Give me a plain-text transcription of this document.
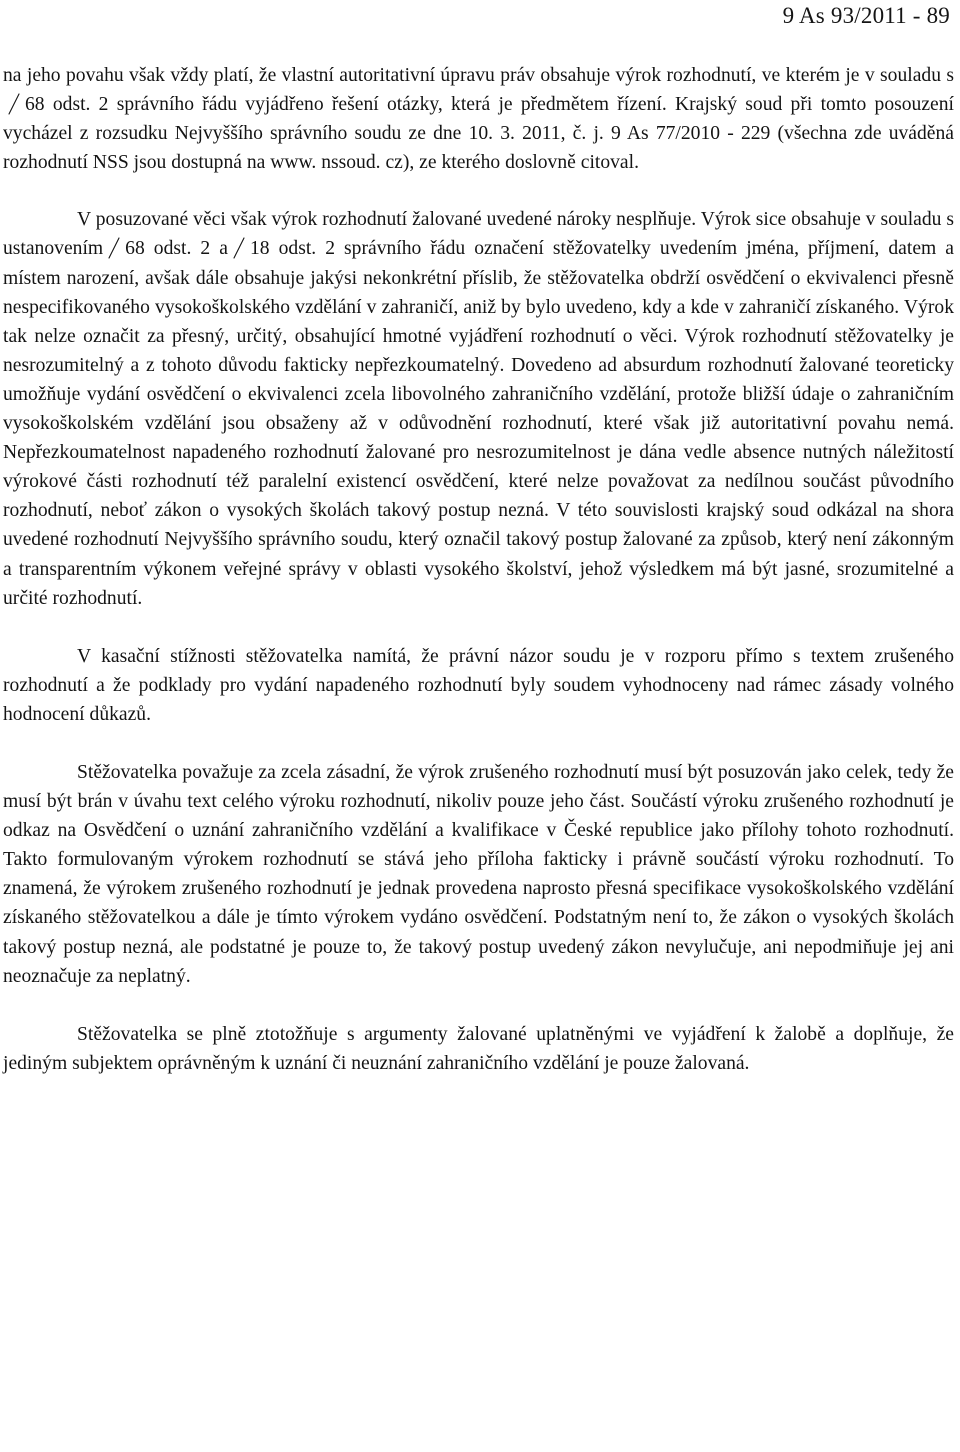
9 As 93/2011 - 89

na jeho povahu však vždy platí, že vlastní autoritativní úpravu práv obsahuje výrok rozhodnutí, ve kterém je v souladu s
68 odst. 2 správního řádu vyjádřeno řešení otázky, která je předmětem řízení. Krajský soud při tomto posouzení vycházel z rozsudku Nejvyššího správního soudu ze dne 10. 3. 2011, č. j. 9 As 77/2010 - 229 (všechna zde uváděná rozhodnutí NSS jsou dostupná na www. nssoud. cz), ze kterého doslovně citoval.

V posuzované věci však výrok rozhodnutí žalované uvedené nároky nesplňuje. Výrok sice obsahuje v souladu s ustanovením 68 odst. 2 a 18 odst. 2 správního řádu označení stěžovatelky uvedením jména, příjmení, datem a místem narození, avšak dále obsahuje jakýsi nekonkrétní příslib, že stěžovatelka obdrží osvědčení o ekvivalenci přesně nespecifikovaného vysokoškolského vzdělání v zahraničí, aniž by bylo uvedeno, kdy a kde v zahraničí získaného. Výrok tak nelze označit za přesný, určitý, obsahující hmotné vyjádření rozhodnutí o věci. Výrok rozhodnutí stěžovatelky je nesrozumitelný a z tohoto důvodu fakticky nepřezkoumatelný. Dovedeno ad absurdum rozhodnutí žalované teoreticky umožňuje vydání osvědčení o ekvivalenci zcela libovolného zahraničního vzdělání, protože bližší údaje o zahraničním vysokoškolském vzdělání jsou obsaženy až v odůvodnění rozhodnutí, které však již autoritativní povahu nemá. Nepřezkoumatelnost napadeného rozhodnutí žalované pro nesrozumitelnost je dána vedle absence nutných náležitostí výrokové části rozhodnutí též paralelní existencí osvědčení, které nelze považovat za nedílnou součást původního rozhodnutí, neboť zákon o vysokých školách takový postup nezná. V této souvislosti krajský soud odkázal na shora uvedené rozhodnutí Nejvyššího správního soudu, který označil takový postup žalované za způsob, který není zákonným a transparentním výkonem veřejné správy v oblasti vysokého školství, jehož výsledkem má být jasné, srozumitelné a určité rozhodnutí.

V kasační stížnosti stěžovatelka namítá, že právní názor soudu je v rozporu přímo s textem zrušeného rozhodnutí a že podklady pro vydání napadeného rozhodnutí byly soudem vyhodnoceny nad rámec zásady volného hodnocení důkazů.

Stěžovatelka považuje za zcela zásadní, že výrok zrušeného rozhodnutí musí být posuzován jako celek, tedy že musí být brán v úvahu text celého výroku rozhodnutí, nikoliv pouze jeho část. Součástí výroku zrušeného rozhodnutí je odkaz na Osvědčení o uznání zahraničního vzdělání a kvalifikace v České republice jako přílohy tohoto rozhodnutí. Takto formulovaným výrokem rozhodnutí se stává jeho příloha fakticky i právně součástí výroku rozhodnutí. To znamená, že výrokem zrušeného rozhodnutí je jednak provedena naprosto přesná specifikace vysokoškolského vzdělání získaného stěžovatelkou a dále je tímto výrokem vydáno osvědčení. Podstatným není to, že zákon o vysokých školách takový postup nezná, ale podstatné je pouze to, že takový postup uvedený zákon nevylučuje, ani nepodmiňuje jej ani neoznačuje za neplatný.

Stěžovatelka se plně ztotožňuje s argumenty žalované uplatněnými ve vyjádření k žalobě a doplňuje, že jediným subjektem oprávněným k uznání či neuznání zahraničního vzdělání je pouze žalovaná.
